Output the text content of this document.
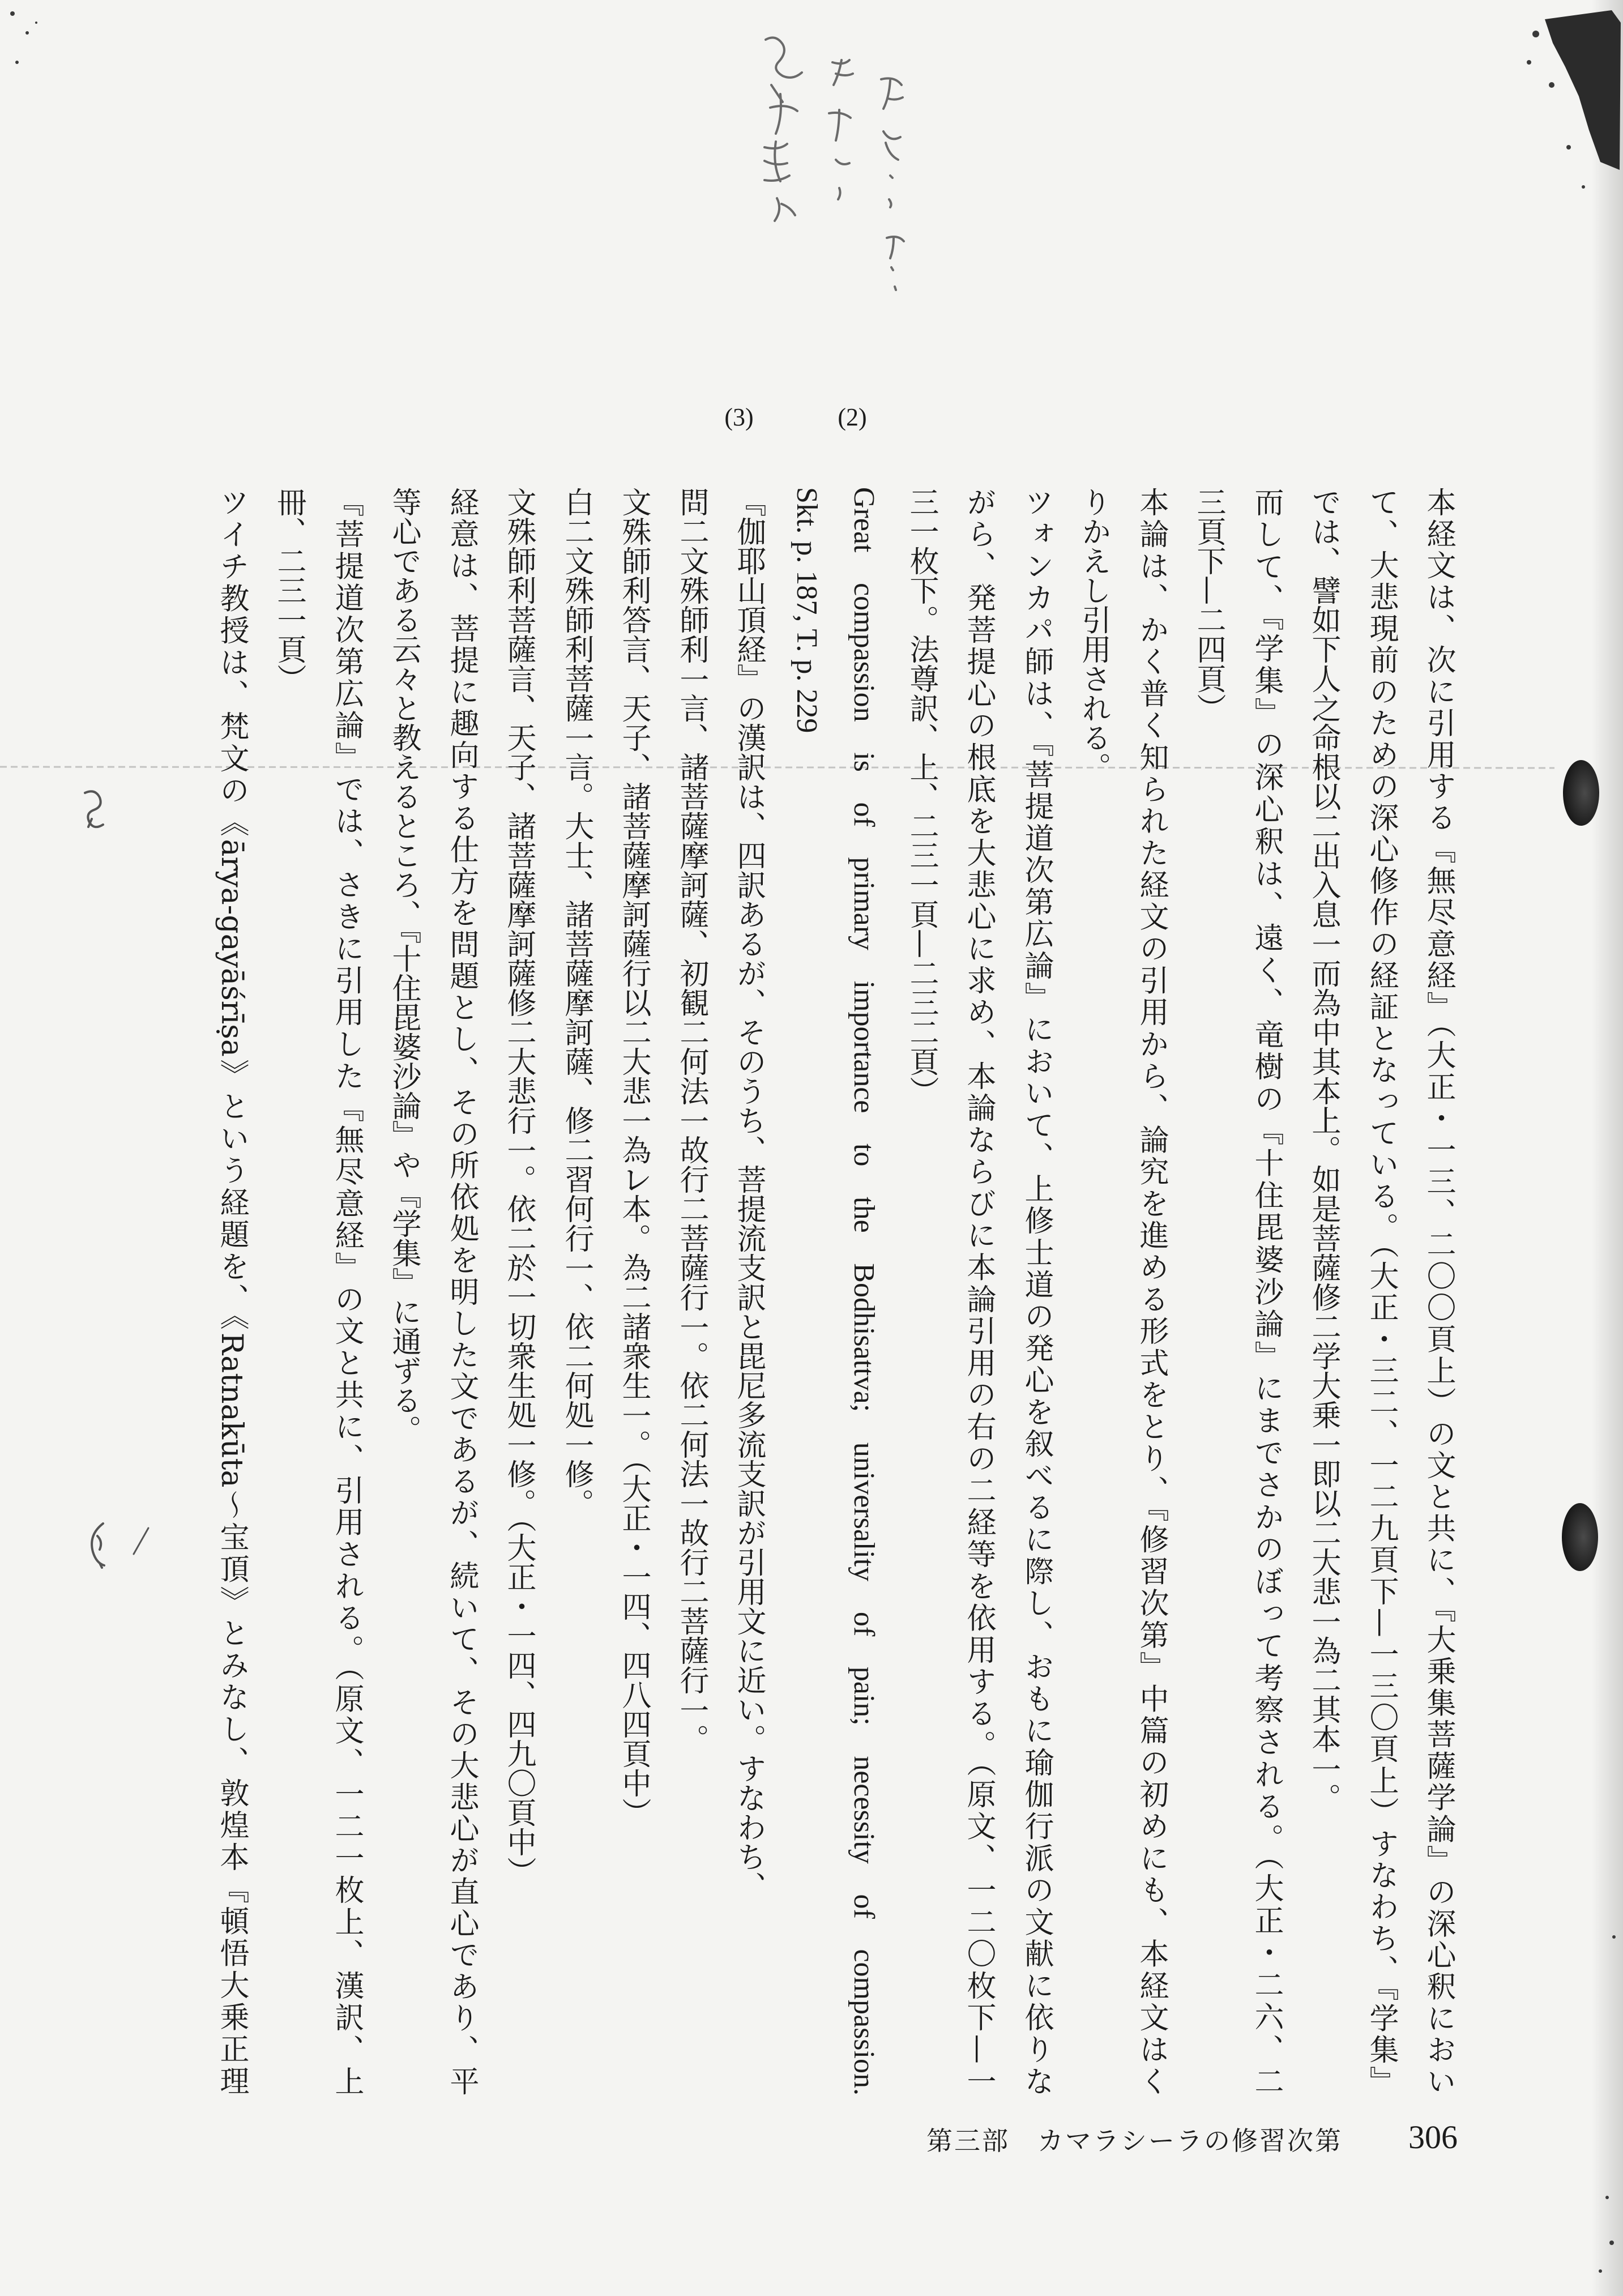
(2)
(3)
本経文は、次に引用する『無尽意経』（大正・一三、二〇〇頁上）の文と共に、『大乗集菩薩学論』の深心釈におい
て、大悲現前のための深心修作の経証となっている。（大正・三二、一二九頁下—一三〇頁上）すなわち、『学集』
では、譬如㆘人之命根以㆓出入息㆒而為㆗其本㆖。如是菩薩修㆓学大乗㆒即以㆓大悲㆒為㆓其本㆒。
而して、『学集』の深心釈は、遠く、竜樹の『十住毘婆沙論』にまでさかのぼって考察される。（大正・二六、二
三頁下—二四頁）
本論は、かく普く知られた経文の引用から、論究を進める形式をとり、『修習次第』中篇の初めにも、本経文はく
りかえし引用される。
ツォンカパ師は、『菩提道次第広論』において、上修士道の発心を叙べるに際し、おもに瑜伽行派の文献に依りな
がら、発菩提心の根底を大悲心に求め、本論ならびに本論引用の右の二経等を依用する。（原文、一二〇枚下—一
三一枚下。法尊訳、上、二三一頁—二三二頁）
Great compassion is of primary importance to the Bodhisattva; universality of pain; necessity of compassion.
Skt. p. 187, T. p. 229
『伽耶山頂経』の漢訳は、四訳あるが、そのうち、菩提流支訳と毘尼多流支訳が引用文に近い。すなわち、
問㆓文殊師利㆒言、諸菩薩摩訶薩、初観㆓何法㆒故行㆓菩薩行㆒。依㆓何法㆒故行㆓菩薩行㆒。
文殊師利答言、天子、諸菩薩摩訶薩行以㆓大悲㆒為㆑本。為㆓諸衆生㆒。（大正・一四、四八四頁中）
白㆓文殊師利菩薩㆒言。大士、諸菩薩摩訶薩、修㆓習何行㆒、依㆓何処㆒修。
文殊師利菩薩言、天子、諸菩薩摩訶薩修㆓大悲行㆒。依㆓於一切衆生処㆒修。（大正・一四、四九〇頁中）
経意は、菩提に趣向する仕方を問題とし、その所依処を明した文であるが、続いて、その大悲心が直心であり、平
等心である云々と教えるところ、『十住毘婆沙論』や『学集』に通ずる。
『菩提道次第広論』では、さきに引用した『無尽意経』の文と共に、引用される。（原文、一二一枚上、漢訳、上
冊、二三一頁）
ツイチ教授は、梵文の《ārya-gayāśrīṣa》という経題を、《Ratnakūta～宝頂》とみなし、敦煌本『頓悟大乗正理
第三部　カマラシーラの修習次第 306
